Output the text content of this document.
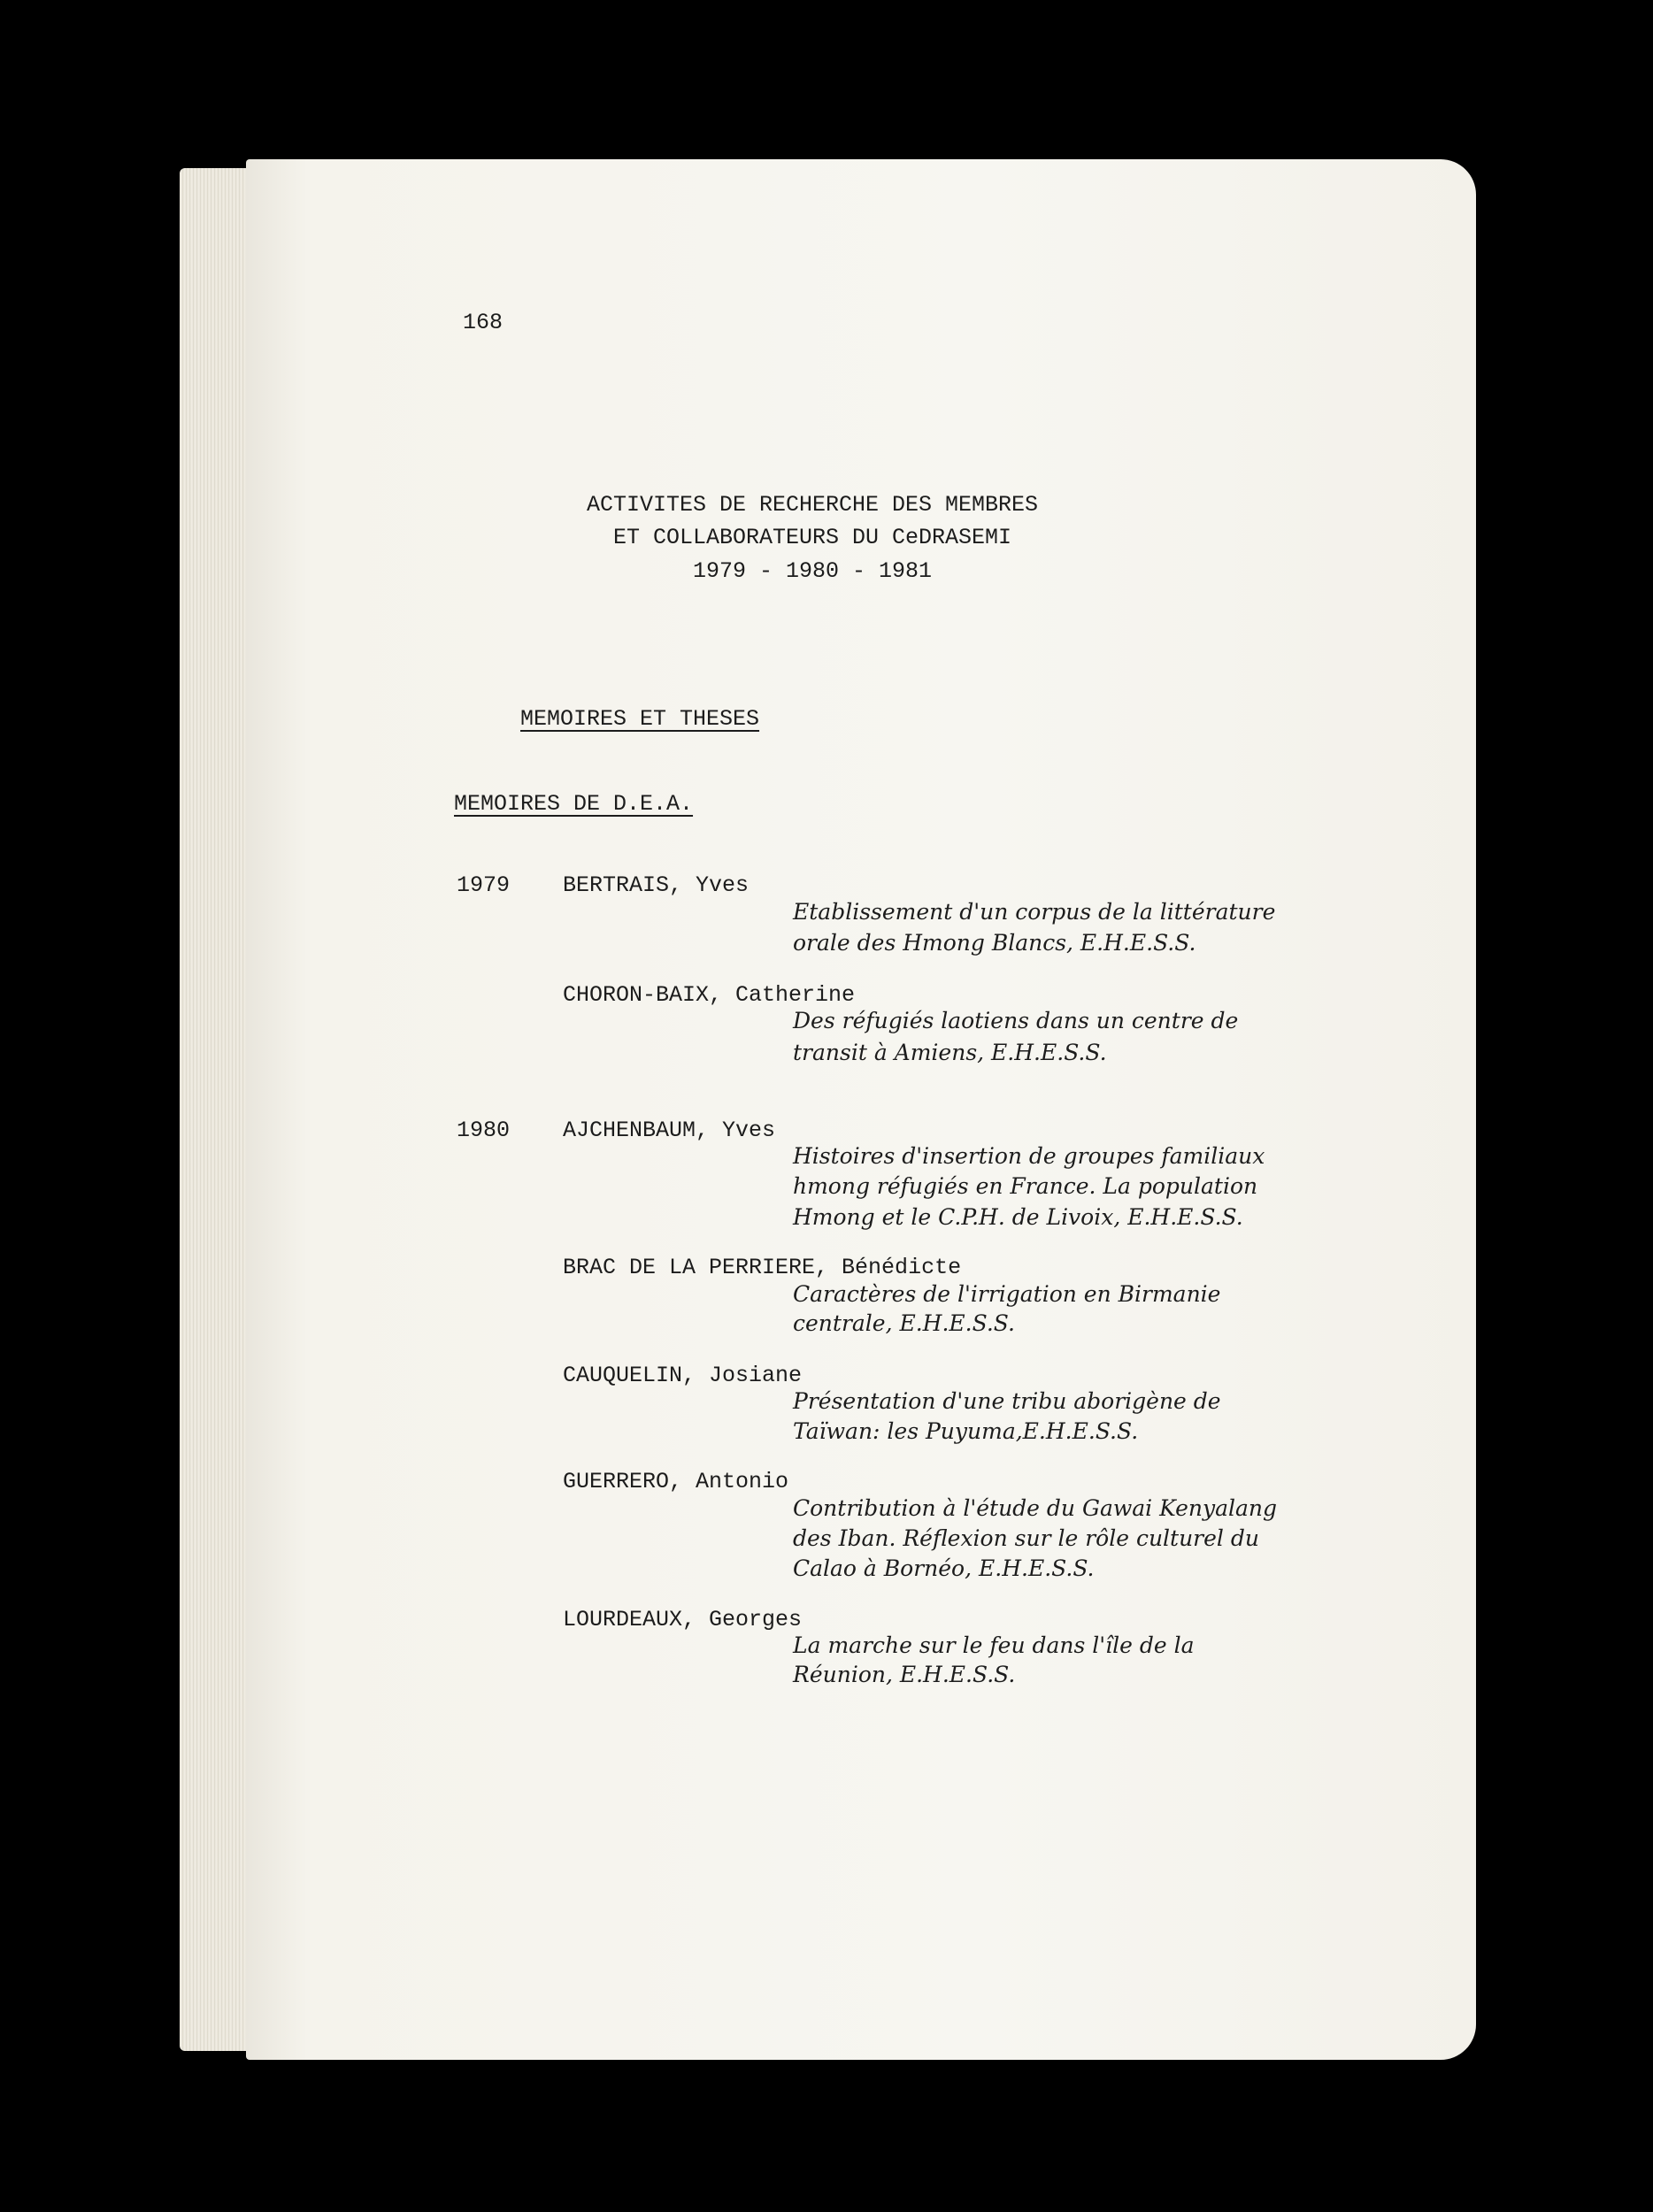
168
ACTIVITES DE RECHERCHE DES MEMBRES
ET COLLABORATEURS DU CeDRASEMI
1979 - 1980 - 1981
MEMOIRES ET THESES
MEMOIRES DE D.E.A.
1979 BERTRAIS, Yves
Etablissement d'un corpus de la littérature
orale des Hmong Blancs, E.H.E.S.S.
CHORON-BAIX, Catherine
Des réfugiés laotiens dans un centre de
transit à Amiens, E.H.E.S.S.
1980 AJCHENBAUM, Yves
Histoires d'insertion de groupes familiaux
hmong réfugiés en France. La population
Hmong et le C.P.H. de Livoix, E.H.E.S.S.
BRAC DE LA PERRIERE, Bénédicte
Caractères de l'irrigation en Birmanie
centrale, E.H.E.S.S.
CAUQUELIN, Josiane
Présentation d'une tribu aborigène de
Taïwan: les Puyuma,E.H.E.S.S.
GUERRERO, Antonio
Contribution à l'étude du Gawai Kenyalang
des Iban. Réflexion sur le rôle culturel du
Calao à Bornéo, E.H.E.S.S.
LOURDEAUX, Georges
La marche sur le feu dans l'île de la
Réunion, E.H.E.S.S.
